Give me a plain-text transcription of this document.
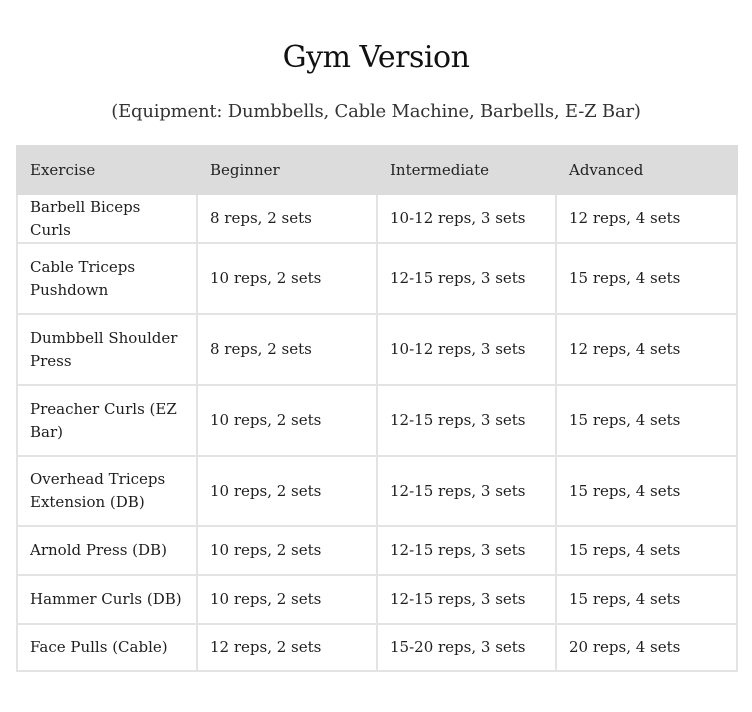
Gym Version
(Equipment: Dumbbells, Cable Machine, Barbells, E-Z Bar)
Exercise	Beginner	Intermediate	Advanced
Barbell Biceps Curls	8 reps, 2 sets	10-12 reps, 3 sets	12 reps, 4 sets
Cable Triceps Pushdown	10 reps, 2 sets	12-15 reps, 3 sets	15 reps, 4 sets
Dumbbell Shoulder Press	8 reps, 2 sets	10-12 reps, 3 sets	12 reps, 4 sets
Preacher Curls (EZ Bar)	10 reps, 2 sets	12-15 reps, 3 sets	15 reps, 4 sets
Overhead Triceps Extension (DB)	10 reps, 2 sets	12-15 reps, 3 sets	15 reps, 4 sets
Arnold Press (DB)	10 reps, 2 sets	12-15 reps, 3 sets	15 reps, 4 sets
Hammer Curls (DB)	10 reps, 2 sets	12-15 reps, 3 sets	15 reps, 4 sets
Face Pulls (Cable)	12 reps, 2 sets	15-20 reps, 3 sets	20 reps, 4 sets
